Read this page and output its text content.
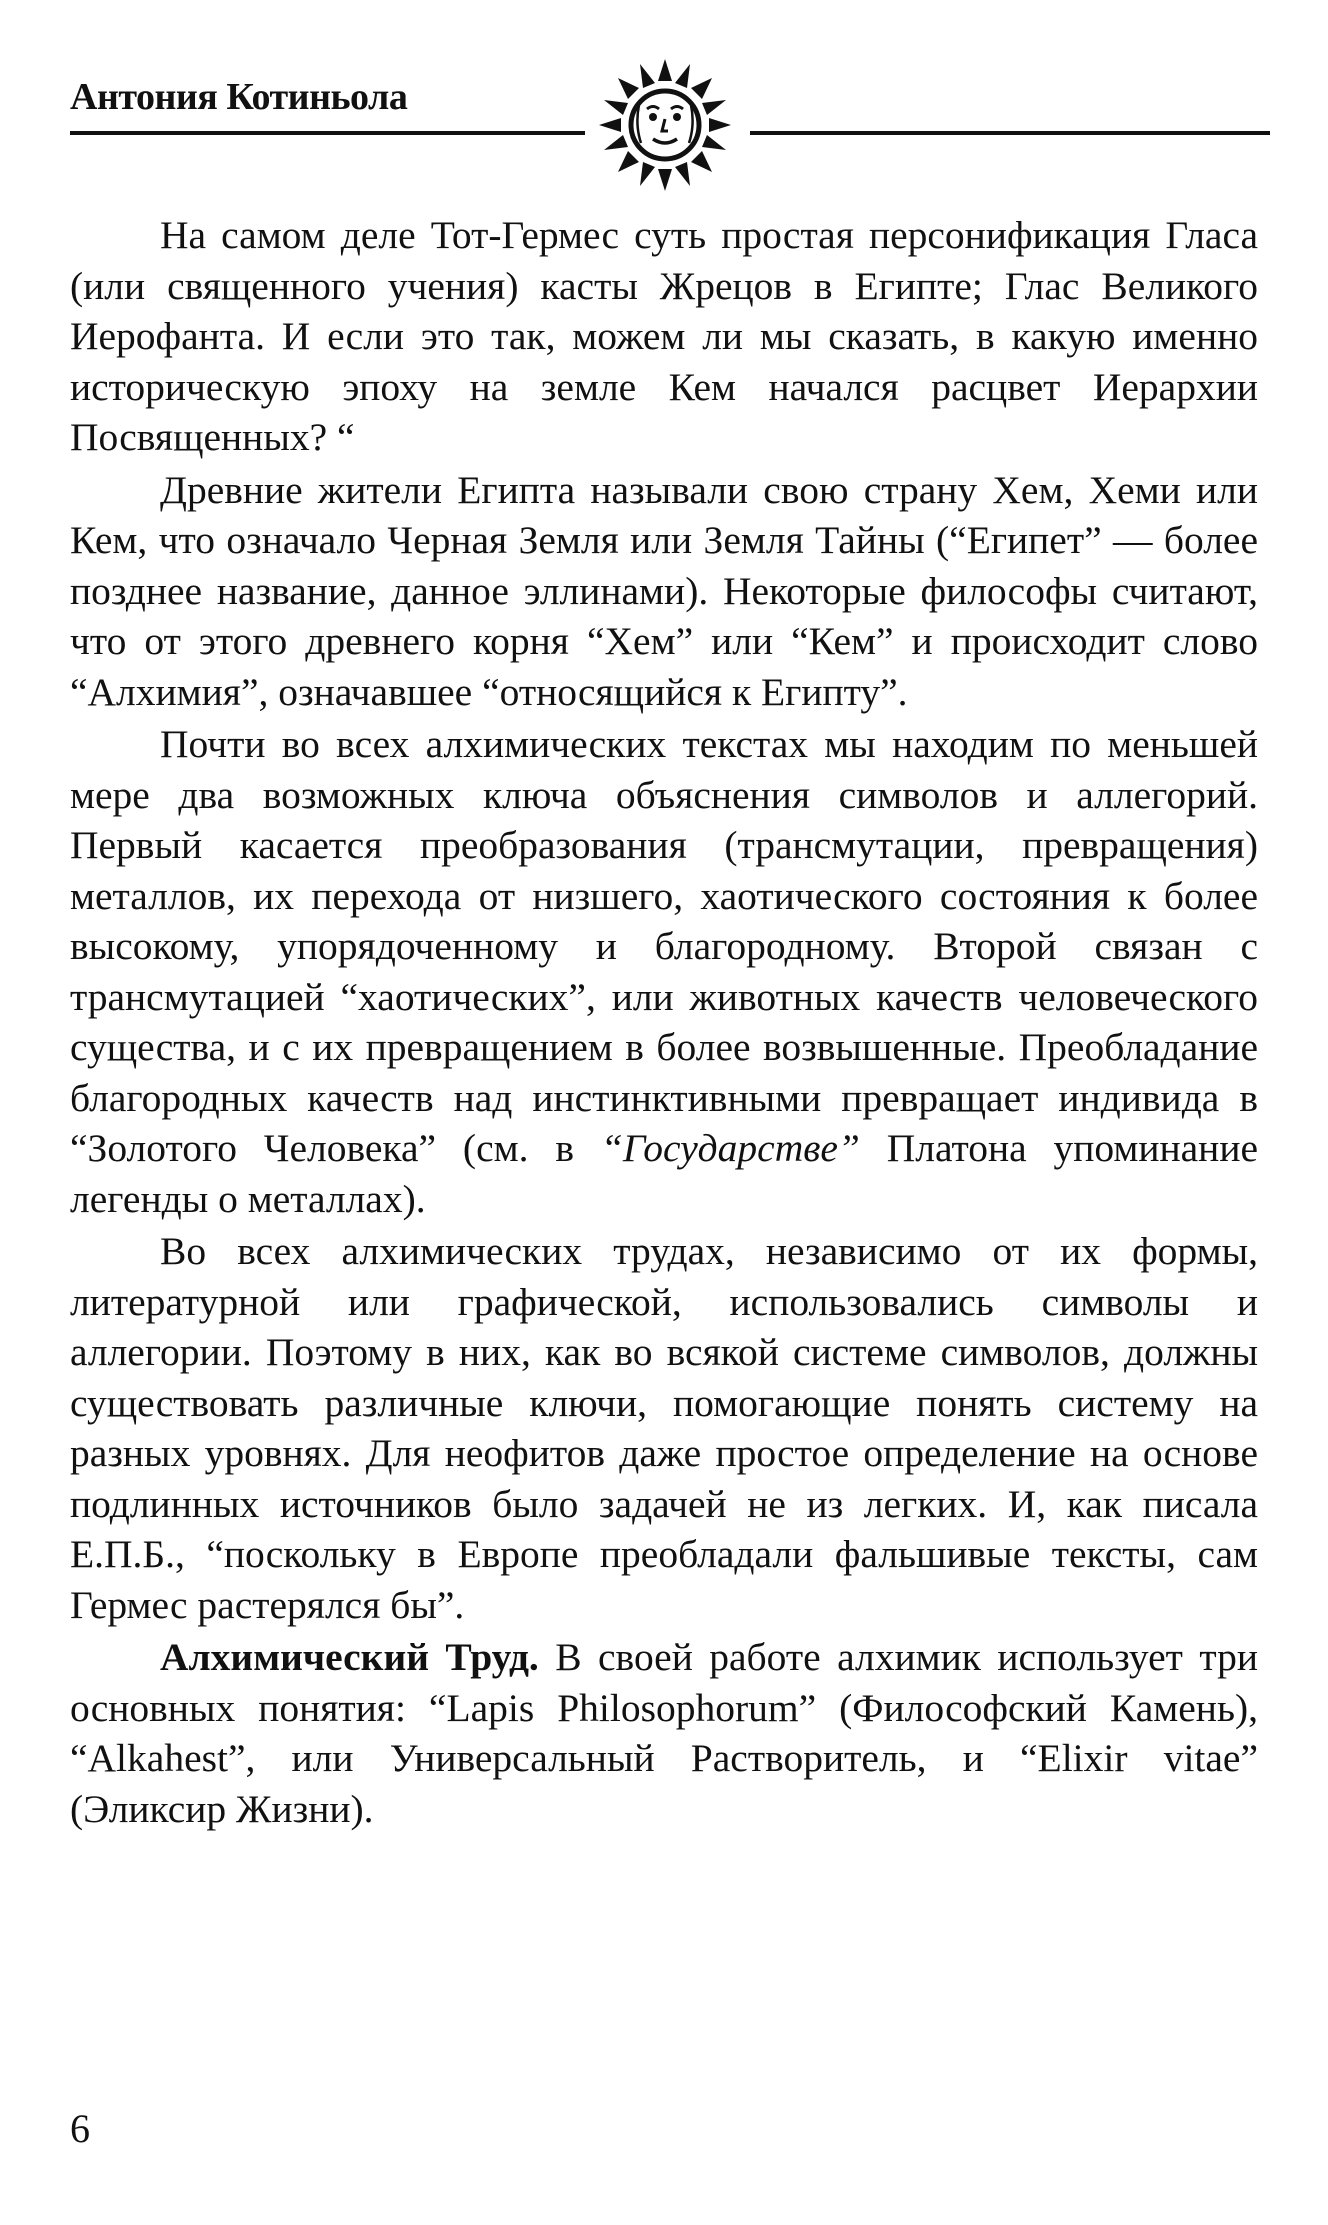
Антония Котиньола

На самом деле Тот-Гермес суть простая персонификация Гласа (или священного учения) касты Жрецов в Египте; Глас Великого Иерофанта. И если это так, можем ли мы сказать, в какую именно историческую эпоху на земле Кем начался расцвет Иерархии Посвященных? “

Древние жители Египта называли свою страну Хем, Хеми или Кем, что означало Черная Земля или Земля Тайны (“Египет” — более позднее название, данное эллинами). Некоторые философы считают, что от этого древнего корня “Хем” или “Кем” и происходит слово “Алхимия”, означавшее “относящийся к Египту”.

Почти во всех алхимических текстах мы находим по меньшей мере два возможных ключа объяснения символов и аллегорий. Первый касается преобразования (трансмутации, превращения) металлов, их перехода от низшего, хаотического состояния к более высокому, упорядоченному и благородному. Второй связан с трансмутацией “хаотических”, или животных качеств человеческого существа, и с их превращением в более возвышенные. Преобладание благородных качеств над инстинктивными превращает индивида в “Золотого Человека” (см. в “Государстве” Платона упоминание легенды о металлах).

Во всех алхимических трудах, независимо от их формы, литературной или графической, использовались символы и аллегории. Поэтому в них, как во всякой системе символов, должны существовать различные ключи, помогающие понять систему на разных уровнях. Для неофитов даже простое определение на основе подлинных источников было задачей не из легких. И, как писала Е.П.Б., “поскольку в Европе преобладали фальшивые тексты, сам Гермес растерялся бы”.

Алхимический Труд. В своей работе алхимик использует три основных понятия: “Lapis Philosophorum” (Философский Камень), “Alkahest”, или Универсальный Растворитель, и “Elixir vitae” (Эликсир Жизни).

6
